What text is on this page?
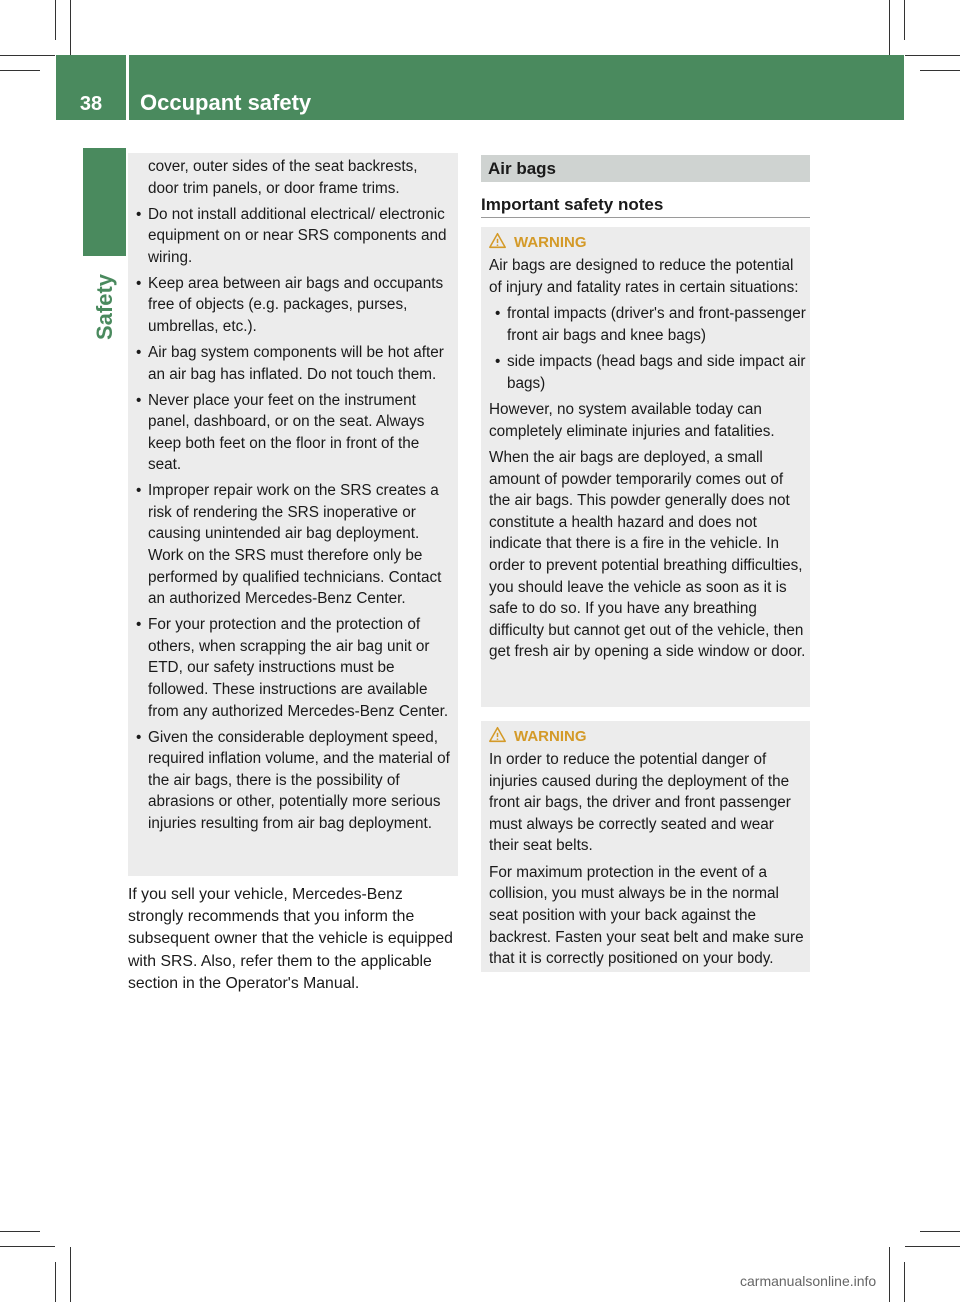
38	Occupant safety
Safety
cover, outer sides of the seat backrests, door trim panels, or door frame trims.
• Do not install additional electrical/ electronic equipment on or near SRS components and wiring.
• Keep area between air bags and occupants free of objects (e.g. packages, purses, umbrellas, etc.).
• Air bag system components will be hot after an air bag has inflated. Do not touch them.
• Never place your feet on the instrument panel, dashboard, or on the seat. Always keep both feet on the floor in front of the seat.
• Improper repair work on the SRS creates a risk of rendering the SRS inoperative or causing unintended air bag deployment. Work on the SRS must therefore only be performed by qualified technicians. Contact an authorized Mercedes-Benz Center.
• For your protection and the protection of others, when scrapping the air bag unit or ETD, our safety instructions must be followed. These instructions are available from any authorized Mercedes-Benz Center.
• Given the considerable deployment speed, required inflation volume, and the material of the air bags, there is the possibility of abrasions or other, potentially more serious injuries resulting from air bag deployment.
If you sell your vehicle, Mercedes-Benz strongly recommends that you inform the subsequent owner that the vehicle is equipped with SRS. Also, refer them to the applicable section in the Operator's Manual.
Air bags
Important safety notes
WARNING

Air bags are designed to reduce the potential of injury and fatality rates in certain situations:

• frontal impacts (driver's and front-passenger front air bags and knee bags)
• side impacts (head bags and side impact air bags)

However, no system available today can completely eliminate injuries and fatalities.

When the air bags are deployed, a small amount of powder temporarily comes out of the air bags. This powder generally does not constitute a health hazard and does not indicate that there is a fire in the vehicle. In order to prevent potential breathing difficulties, you should leave the vehicle as soon as it is safe to do so. If you have any breathing difficulty but cannot get out of the vehicle, then get fresh air by opening a side window or door.

WARNING

In order to reduce the potential danger of injuries caused during the deployment of the front air bags, the driver and front passenger must always be correctly seated and wear their seat belts.

For maximum protection in the event of a collision, you must always be in the normal seat position with your back against the backrest. Fasten your seat belt and make sure that it is correctly positioned on your body.

carmanualsonline.info
